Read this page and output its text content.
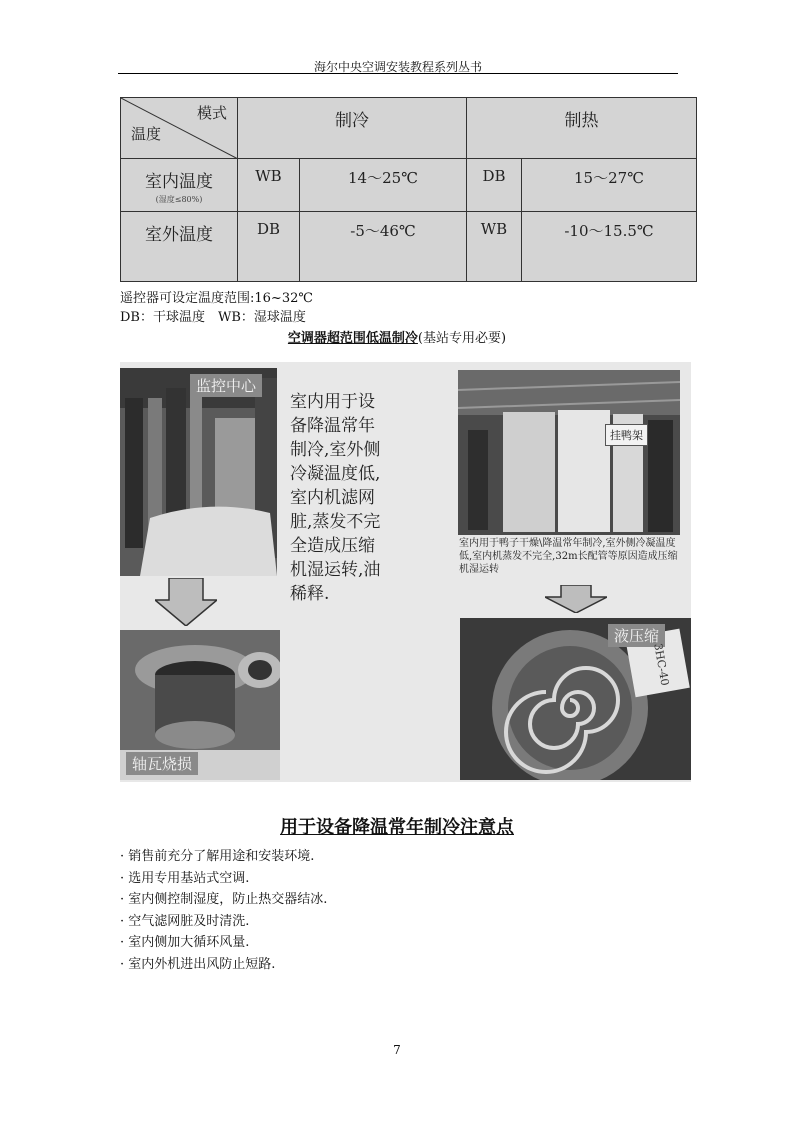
海尔中央空调安装教程系列丛书
模式
温度	制冷		制热	
室内温度
(湿度≤80%)	WB	14～25℃	DB	15～27℃
室外温度	DB	-5～46℃	WB	-10～15.5℃
遥控器可设定温度范围:16~32℃
DB：干球温度　WB：湿球温度
空调器超范围低温制冷(基站专用必要)
监控中心
室内用于设备降温常年制冷,室外侧冷凝温度低,室内机滤网脏,蒸发不完全造成压缩机湿运转,油稀释.
挂鸭架
室内用于鸭子干燥\降温常年制冷,室外侧冷凝温度低,室内机蒸发不完全,32m长配管等原因造成压缩机湿运转
轴瓦烧损
液压缩
3HC-40
用于设备降温常年制冷注意点
· 销售前充分了解用途和安装环境.
· 选用专用基站式空调.
· 室内侧控制湿度，防止热交器结冰.
· 空气滤网脏及时清洗.
· 室内侧加大循环风量.
· 室内外机进出风防止短路.
7
